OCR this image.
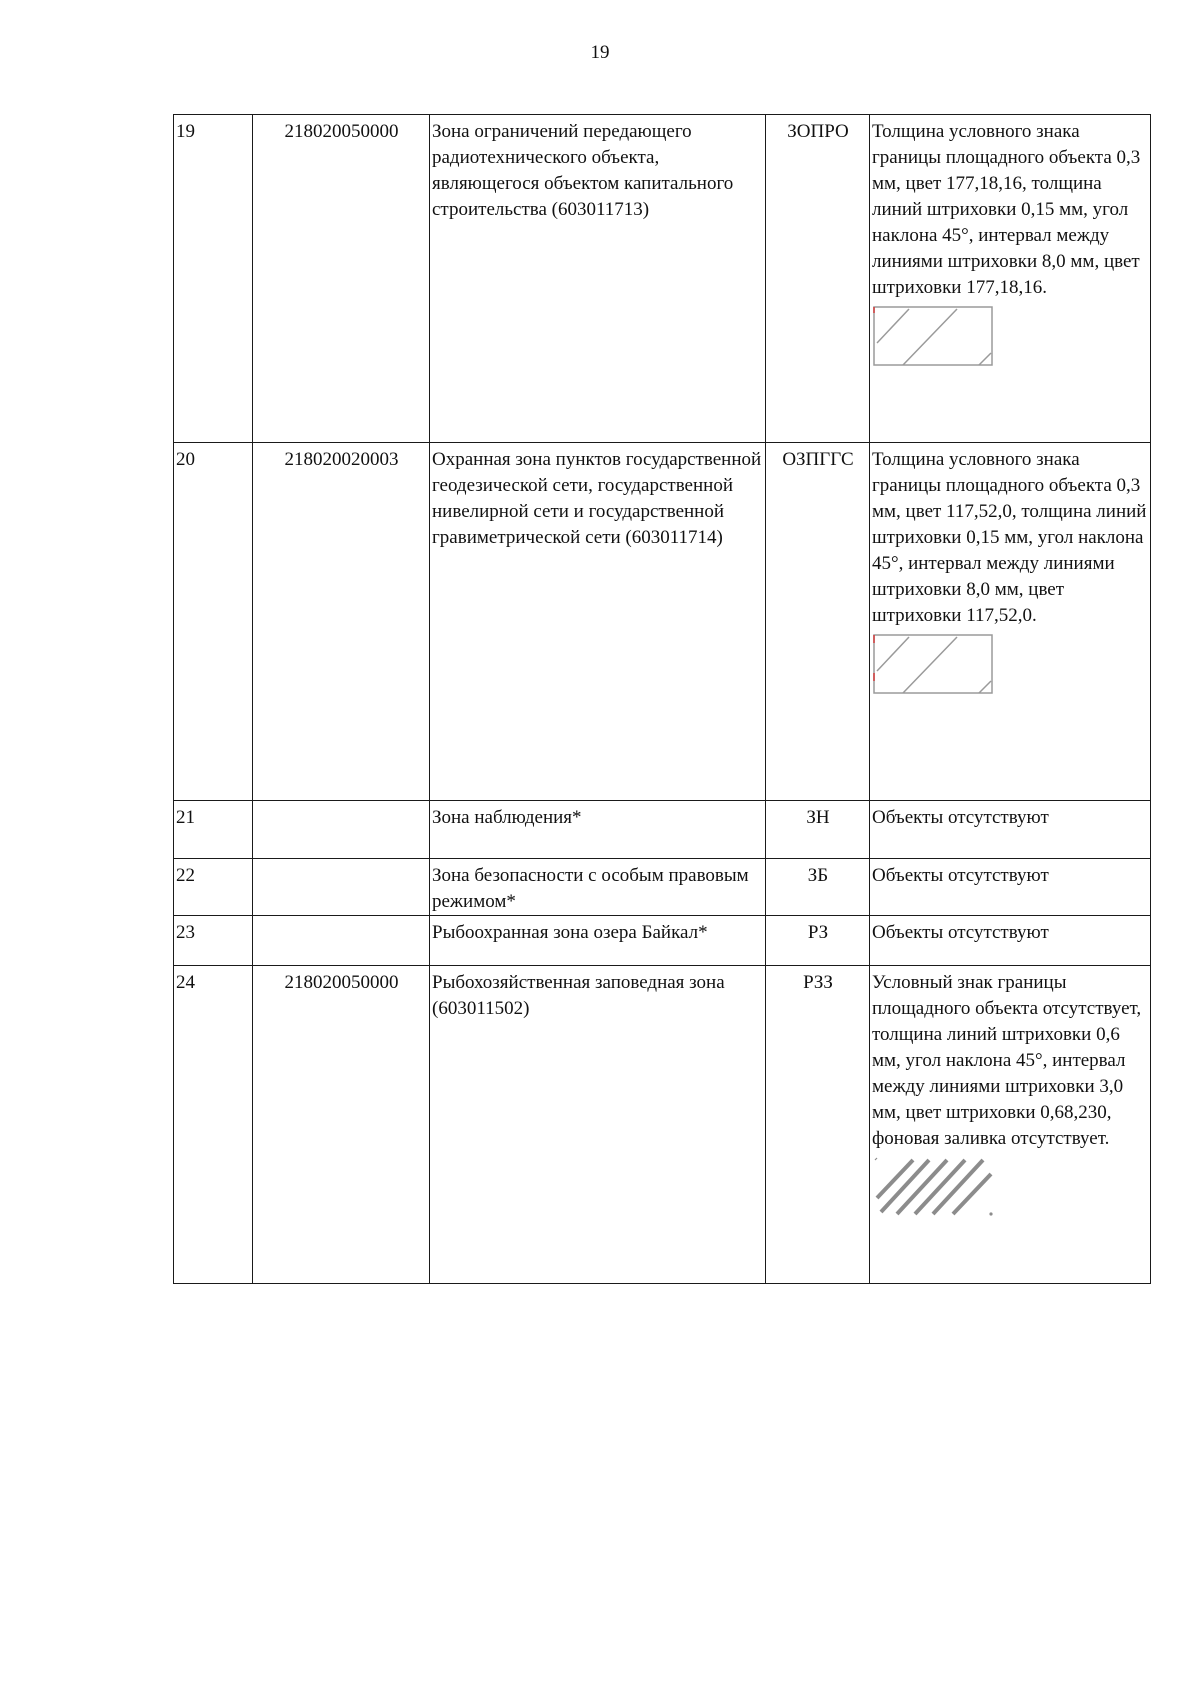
19
19	218020050000	Зона ограничений передающего радиотехнического объекта, являющегося объектом капитального строительства (603011713)	ЗОПРО	Толщина условного знака границы площадного объекта 0,3 мм, цвет 177,18,16, толщина линий штриховки 0,15 мм, угол наклона 45°, интервал между линиями штриховки 8,0 мм, цвет штриховки 177,18,16.

20	218020020003	Охранная зона пунктов государственной геодезической сети, государственной нивелирной сети и государственной гравиметрической сети (603011714)	ОЗПГГС	Толщина условного знака границы площадного объекта 0,3 мм, цвет 117,52,0, толщина линий штриховки 0,15 мм, угол наклона 45°, интервал между линиями штриховки 8,0 мм, цвет штриховки 117,52,0.

21		Зона наблюдения*	ЗН	Объекты отсутствуют
22		Зона безопасности с особым правовым режимом*	ЗБ	Объекты отсутствуют
23		Рыбоохранная зона озера Байкал*	РЗ	Объекты отсутствуют
24	218020050000	Рыбохозяйственная заповедная зона (603011502)	РЗЗ	Условный знак границы площадного объекта отсутствует, толщина линий штриховки 0,6 мм, угол наклона 45°, интервал между линиями штриховки 3,0 мм, цвет штриховки 0,68,230, фоновая заливка отсутствует.
